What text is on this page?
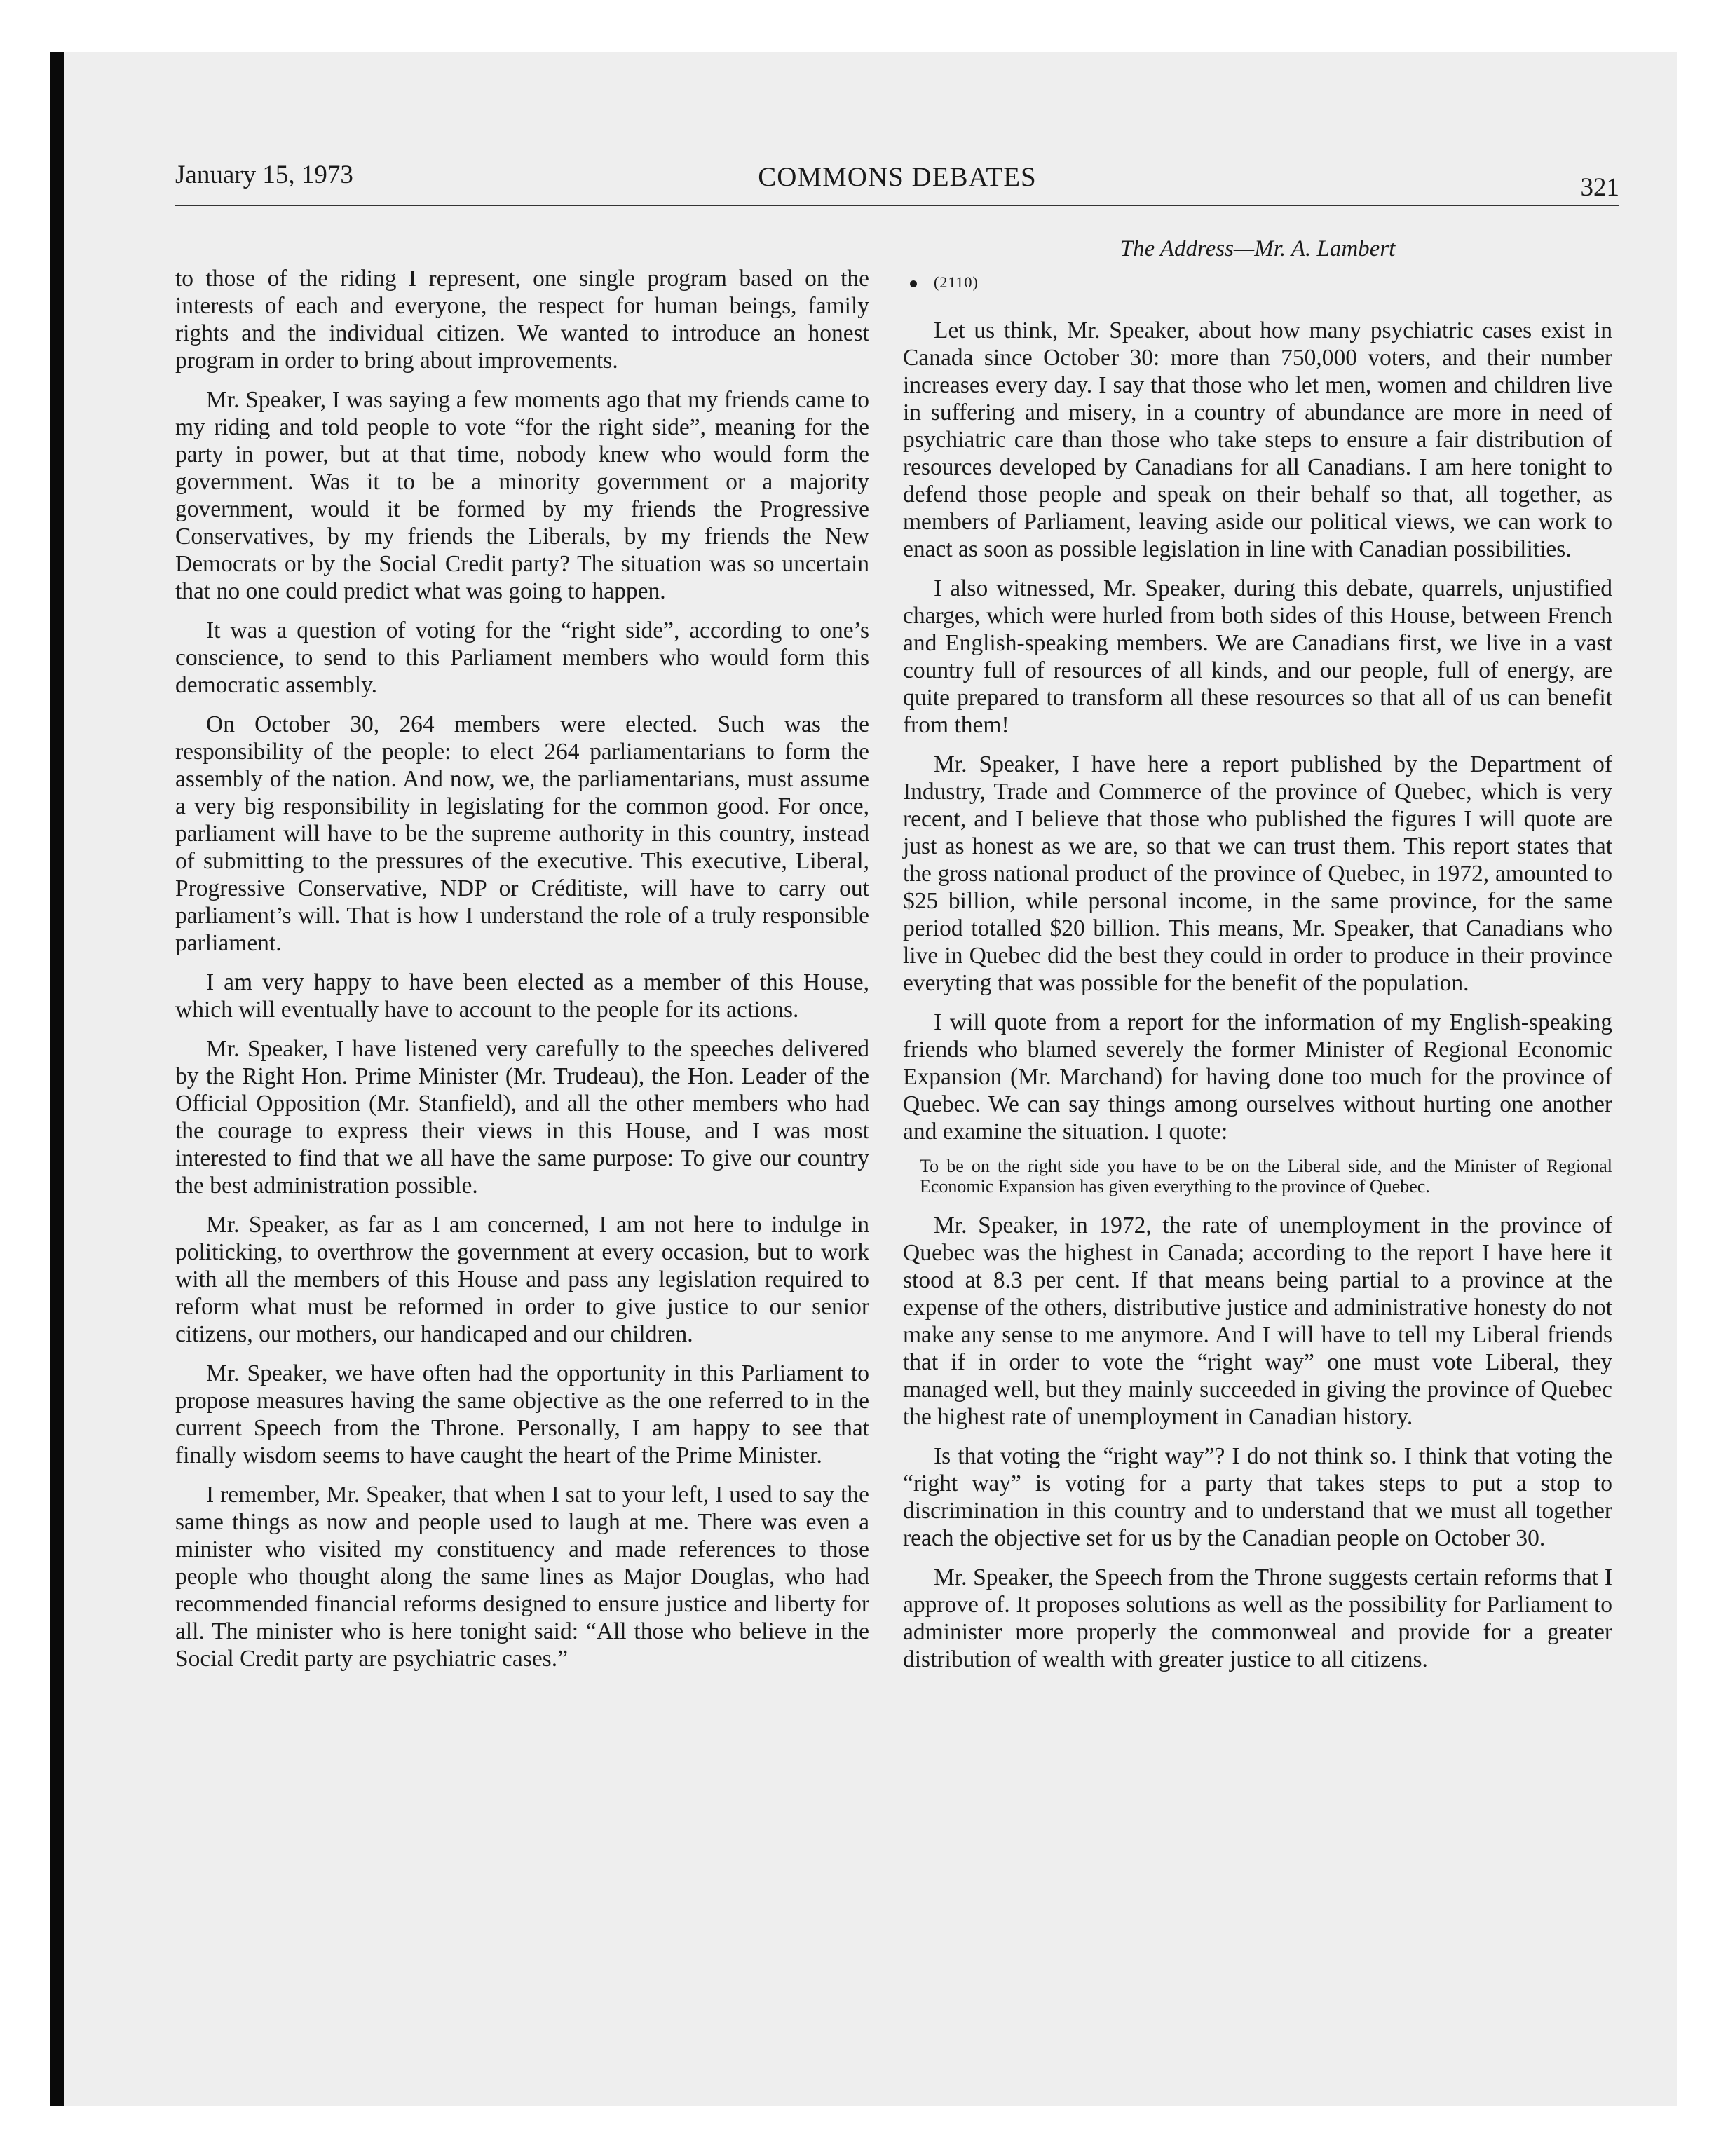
January 15, 1973	COMMONS DEBATES	321

to those of the riding I represent, one single program based on the interests of each and everyone, the respect for human beings, family rights and the individual citizen. We wanted to introduce an honest program in order to bring about improvements.

Mr. Speaker, I was saying a few moments ago that my friends came to my riding and told people to vote “for the right side”, meaning for the party in power, but at that time, nobody knew who would form the government. Was it to be a minority government or a majority government, would it be formed by my friends the Progressive Conservatives, by my friends the Liberals, by my friends the New Democrats or by the Social Credit party? The situation was so uncertain that no one could predict what was going to happen.

It was a question of voting for the “right side”, according to one’s conscience, to send to this Parliament members who would form this democratic assembly.

On October 30, 264 members were elected. Such was the responsibility of the people: to elect 264 parliamentarians to form the assembly of the nation. And now, we, the parliamentarians, must assume a very big responsibility in legislating for the common good. For once, parliament will have to be the supreme authority in this country, instead of submitting to the pressures of the executive. This executive, Liberal, Progressive Conservative, NDP or Créditiste, will have to carry out parliament’s will. That is how I understand the role of a truly responsible parliament.

I am very happy to have been elected as a member of this House, which will eventually have to account to the people for its actions.

Mr. Speaker, I have listened very carefully to the speeches delivered by the Right Hon. Prime Minister (Mr. Trudeau), the Hon. Leader of the Official Opposition (Mr. Stanfield), and all the other members who had the courage to express their views in this House, and I was most interested to find that we all have the same purpose: To give our country the best administration possible.

Mr. Speaker, as far as I am concerned, I am not here to indulge in politicking, to overthrow the government at every occasion, but to work with all the members of this House and pass any legislation required to reform what must be reformed in order to give justice to our senior citizens, our mothers, our handicaped and our children.

Mr. Speaker, we have often had the opportunity in this Parliament to propose measures having the same objective as the one referred to in the current Speech from the Throne. Personally, I am happy to see that finally wisdom seems to have caught the heart of the Prime Minister.

I remember, Mr. Speaker, that when I sat to your left, I used to say the same things as now and people used to laugh at me. There was even a minister who visited my constituency and made references to those people who thought along the same lines as Major Douglas, who had recommended financial reforms designed to ensure justice and liberty for all. The minister who is here tonight said: “All those who believe in the Social Credit party are psychiatric cases.”

The Address—Mr. A. Lambert
(2110)

Let us think, Mr. Speaker, about how many psychiatric cases exist in Canada since October 30: more than 750,000 voters, and their number increases every day. I say that those who let men, women and children live in suffering and misery, in a country of abundance are more in need of psychiatric care than those who take steps to ensure a fair distribution of resources developed by Canadians for all Canadians. I am here tonight to defend those people and speak on their behalf so that, all together, as members of Parliament, leaving aside our political views, we can work to enact as soon as possible legislation in line with Canadian possibilities.

I also witnessed, Mr. Speaker, during this debate, quarrels, unjustified charges, which were hurled from both sides of this House, between French and English-speaking members. We are Canadians first, we live in a vast country full of resources of all kinds, and our people, full of energy, are quite prepared to transform all these resources so that all of us can benefit from them!

Mr. Speaker, I have here a report published by the Department of Industry, Trade and Commerce of the province of Quebec, which is very recent, and I believe that those who published the figures I will quote are just as honest as we are, so that we can trust them. This report states that the gross national product of the province of Quebec, in 1972, amounted to $25 billion, while personal income, in the same province, for the same period totalled $20 billion. This means, Mr. Speaker, that Canadians who live in Quebec did the best they could in order to produce in their province everyting that was possible for the benefit of the population.

I will quote from a report for the information of my English-speaking friends who blamed severely the former Minister of Regional Economic Expansion (Mr. Marchand) for having done too much for the province of Quebec. We can say things among ourselves without hurting one another and examine the situation. I quote:

To be on the right side you have to be on the Liberal side, and the Minister of Regional Economic Expansion has given everything to the province of Quebec.

Mr. Speaker, in 1972, the rate of unemployment in the province of Quebec was the highest in Canada; according to the report I have here it stood at 8.3 per cent. If that means being partial to a province at the expense of the others, distributive justice and administrative honesty do not make any sense to me anymore. And I will have to tell my Liberal friends that if in order to vote the “right way” one must vote Liberal, they managed well, but they mainly succeeded in giving the province of Quebec the highest rate of unemployment in Canadian history.

Is that voting the “right way”? I do not think so. I think that voting the “right way” is voting for a party that takes steps to put a stop to discrimination in this country and to understand that we must all together reach the objective set for us by the Canadian people on October 30.

Mr. Speaker, the Speech from the Throne suggests certain reforms that I approve of. It proposes solutions as well as the possibility for Parliament to administer more properly the commonweal and provide for a greater distribution of wealth with greater justice to all citizens.
